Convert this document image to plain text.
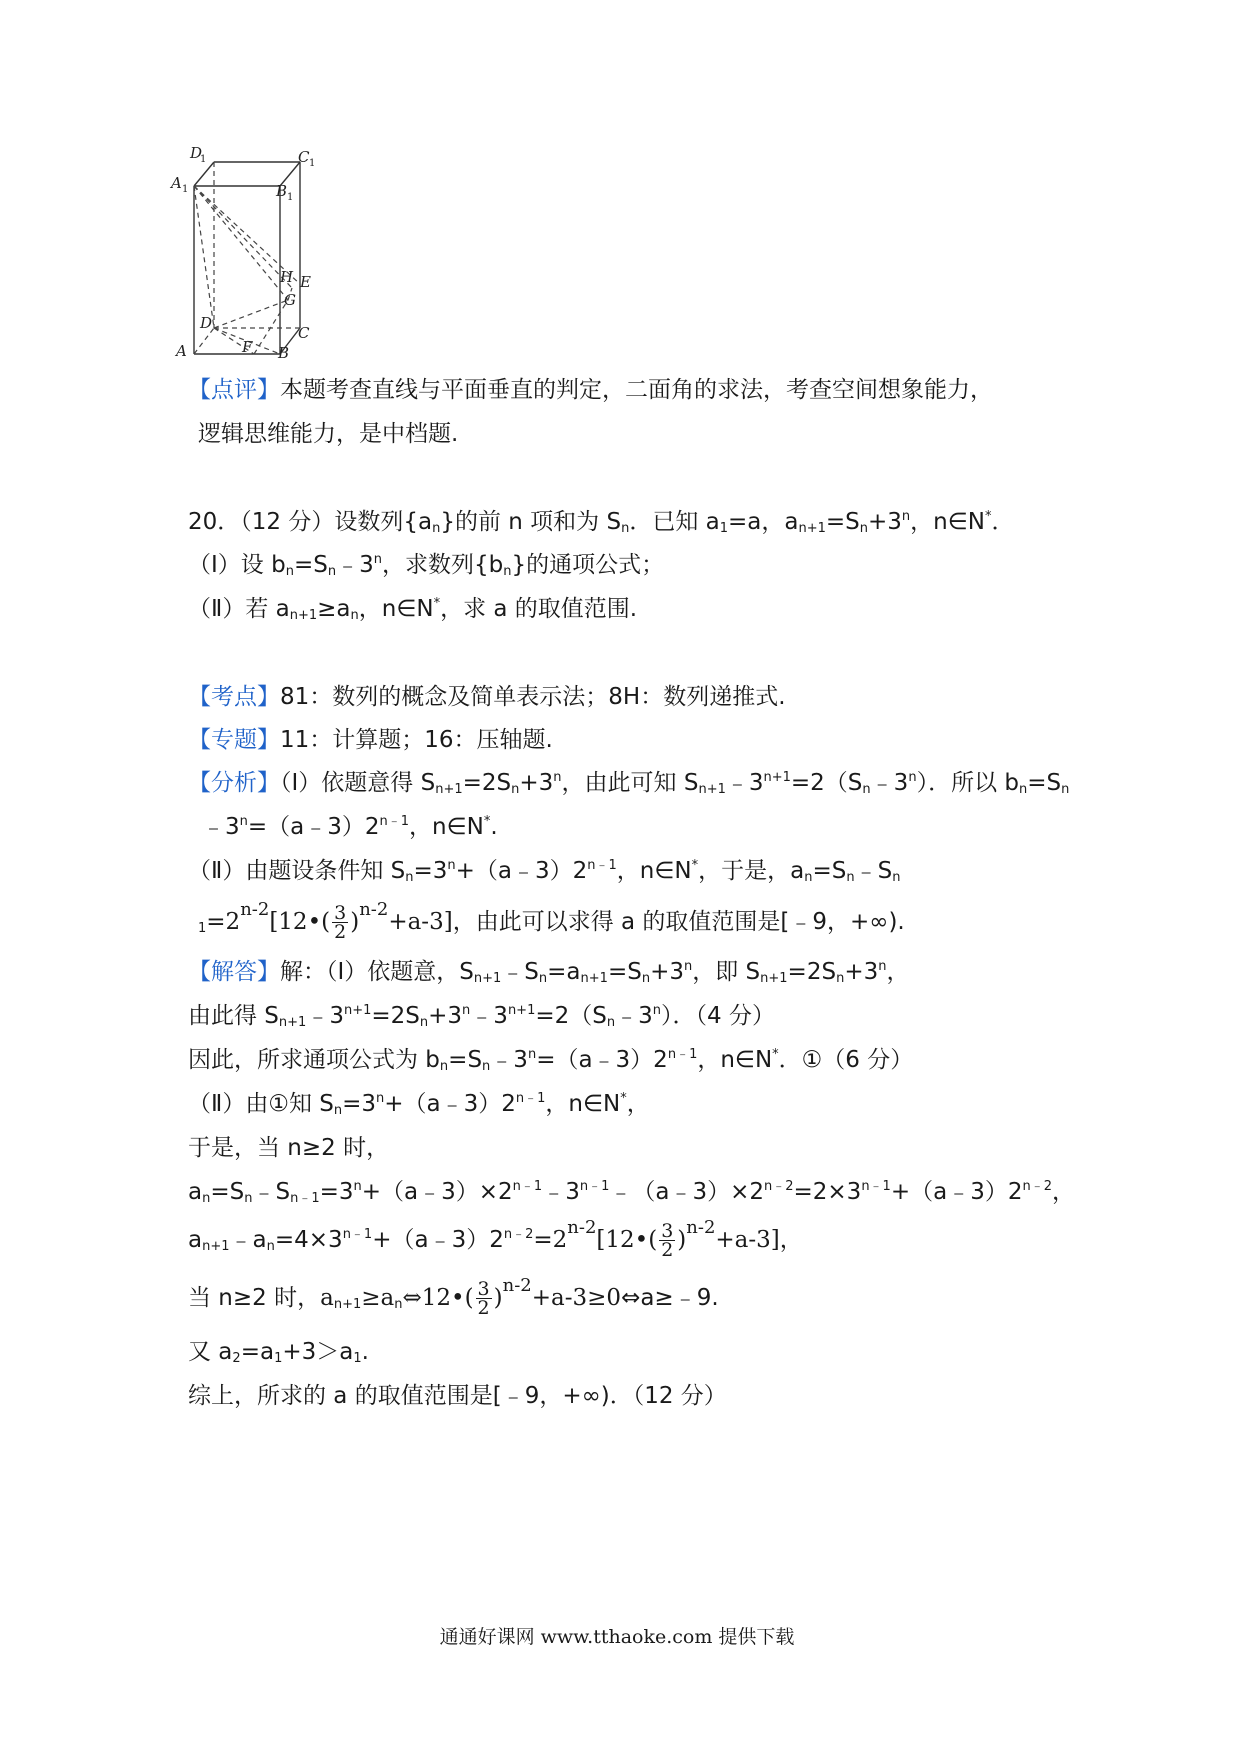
D
1	C 1
A 1	B 1
H E
G
D
C
A	F B
【点评】本题考查直线与平面垂直的判定，二面角的求法，考查空间想象能力，
逻辑思维能力，是中档题.
20．（12 分）设数列$\{a_n\}$的前 n 项和为 $S_n$．已知 $a_1=a$，$a_{n+1}=S_n+3^n$，n∈N*．
（Ⅰ）设 $b_n=S_n﹣3^n$，求数列$\{b_n\}$的通项公式；
（Ⅱ）若 $a_{n+1}\ge a_n$，n∈N*，求 a 的取值范围.
【考点】81：数列的概念及简单表示法；8H：数列递推式.
【专题】11：计算题；16：压轴题.
【分析】（Ⅰ）依题意得 $S_{n+1}=2S_n+3^n$，由此可知 $S_{n+1}﹣3^{n+1}=2(S_n﹣3^n)$．所以 $b_n=S_n$
$﹣3^n=(a﹣3)2^{n﹣1}$，n∈N*.
（Ⅱ）由题设条件知 $S_n=3^n+(a﹣3)2^{n﹣1}$，n∈N*，于是，$a_n=S_n﹣S_n$
$_1=2^{n-2}[12•( \frac{3}{2} )^{n-2}+a-3]$，由此可以求得 a 的取值范围是[﹣9，+∞).
【解答】解：（Ⅰ）依题意，$S_{n+1}﹣S_n=a_{n+1}=S_n+3^n$，即 $S_{n+1}=2S_n+3^n$，
由此得 $S_{n+1}﹣3^{n+1}=2S_n+3^n﹣3^{n+1}=2(S_n﹣3^n)$．（4 分）
因此，所求通项公式为 $b_n=S_n﹣3^n=(a﹣3)2^{n﹣1}$，n∈N*．①（6 分）
（Ⅱ）由①知 $S_n=3^n+(a﹣3)2^{n﹣1}$，n∈N*，
于是，当 n≥2 时，
$a_n=S_n﹣S_{n﹣1}=3^n+(a﹣3)\times 2^{n﹣1}﹣3^{n﹣1}﹣(a﹣3)\times 2^{n﹣2}=2\times 3^{n﹣1}+(a﹣3)2^{n﹣2}$，
$a_{n+1}﹣a_n=4\times 3^{n﹣1}+(a﹣3)2^{n﹣2}=2^{n-2}[12•( \frac{3}{2} )^{n-2}+a-3]$，
当 n≥2 时，$a_{n+1}\ge a_n\Leftrightarrow 12•( \frac{3}{2}$ )$^{n-2}$+a-3≥0⇔a≥﹣9.
又 $a_2=a_1+3>a_1$.
综上，所求的 a 的取值范围是[﹣9，+∞)．（12 分）
通通好课网 www.tthaoke.com 提供下载
